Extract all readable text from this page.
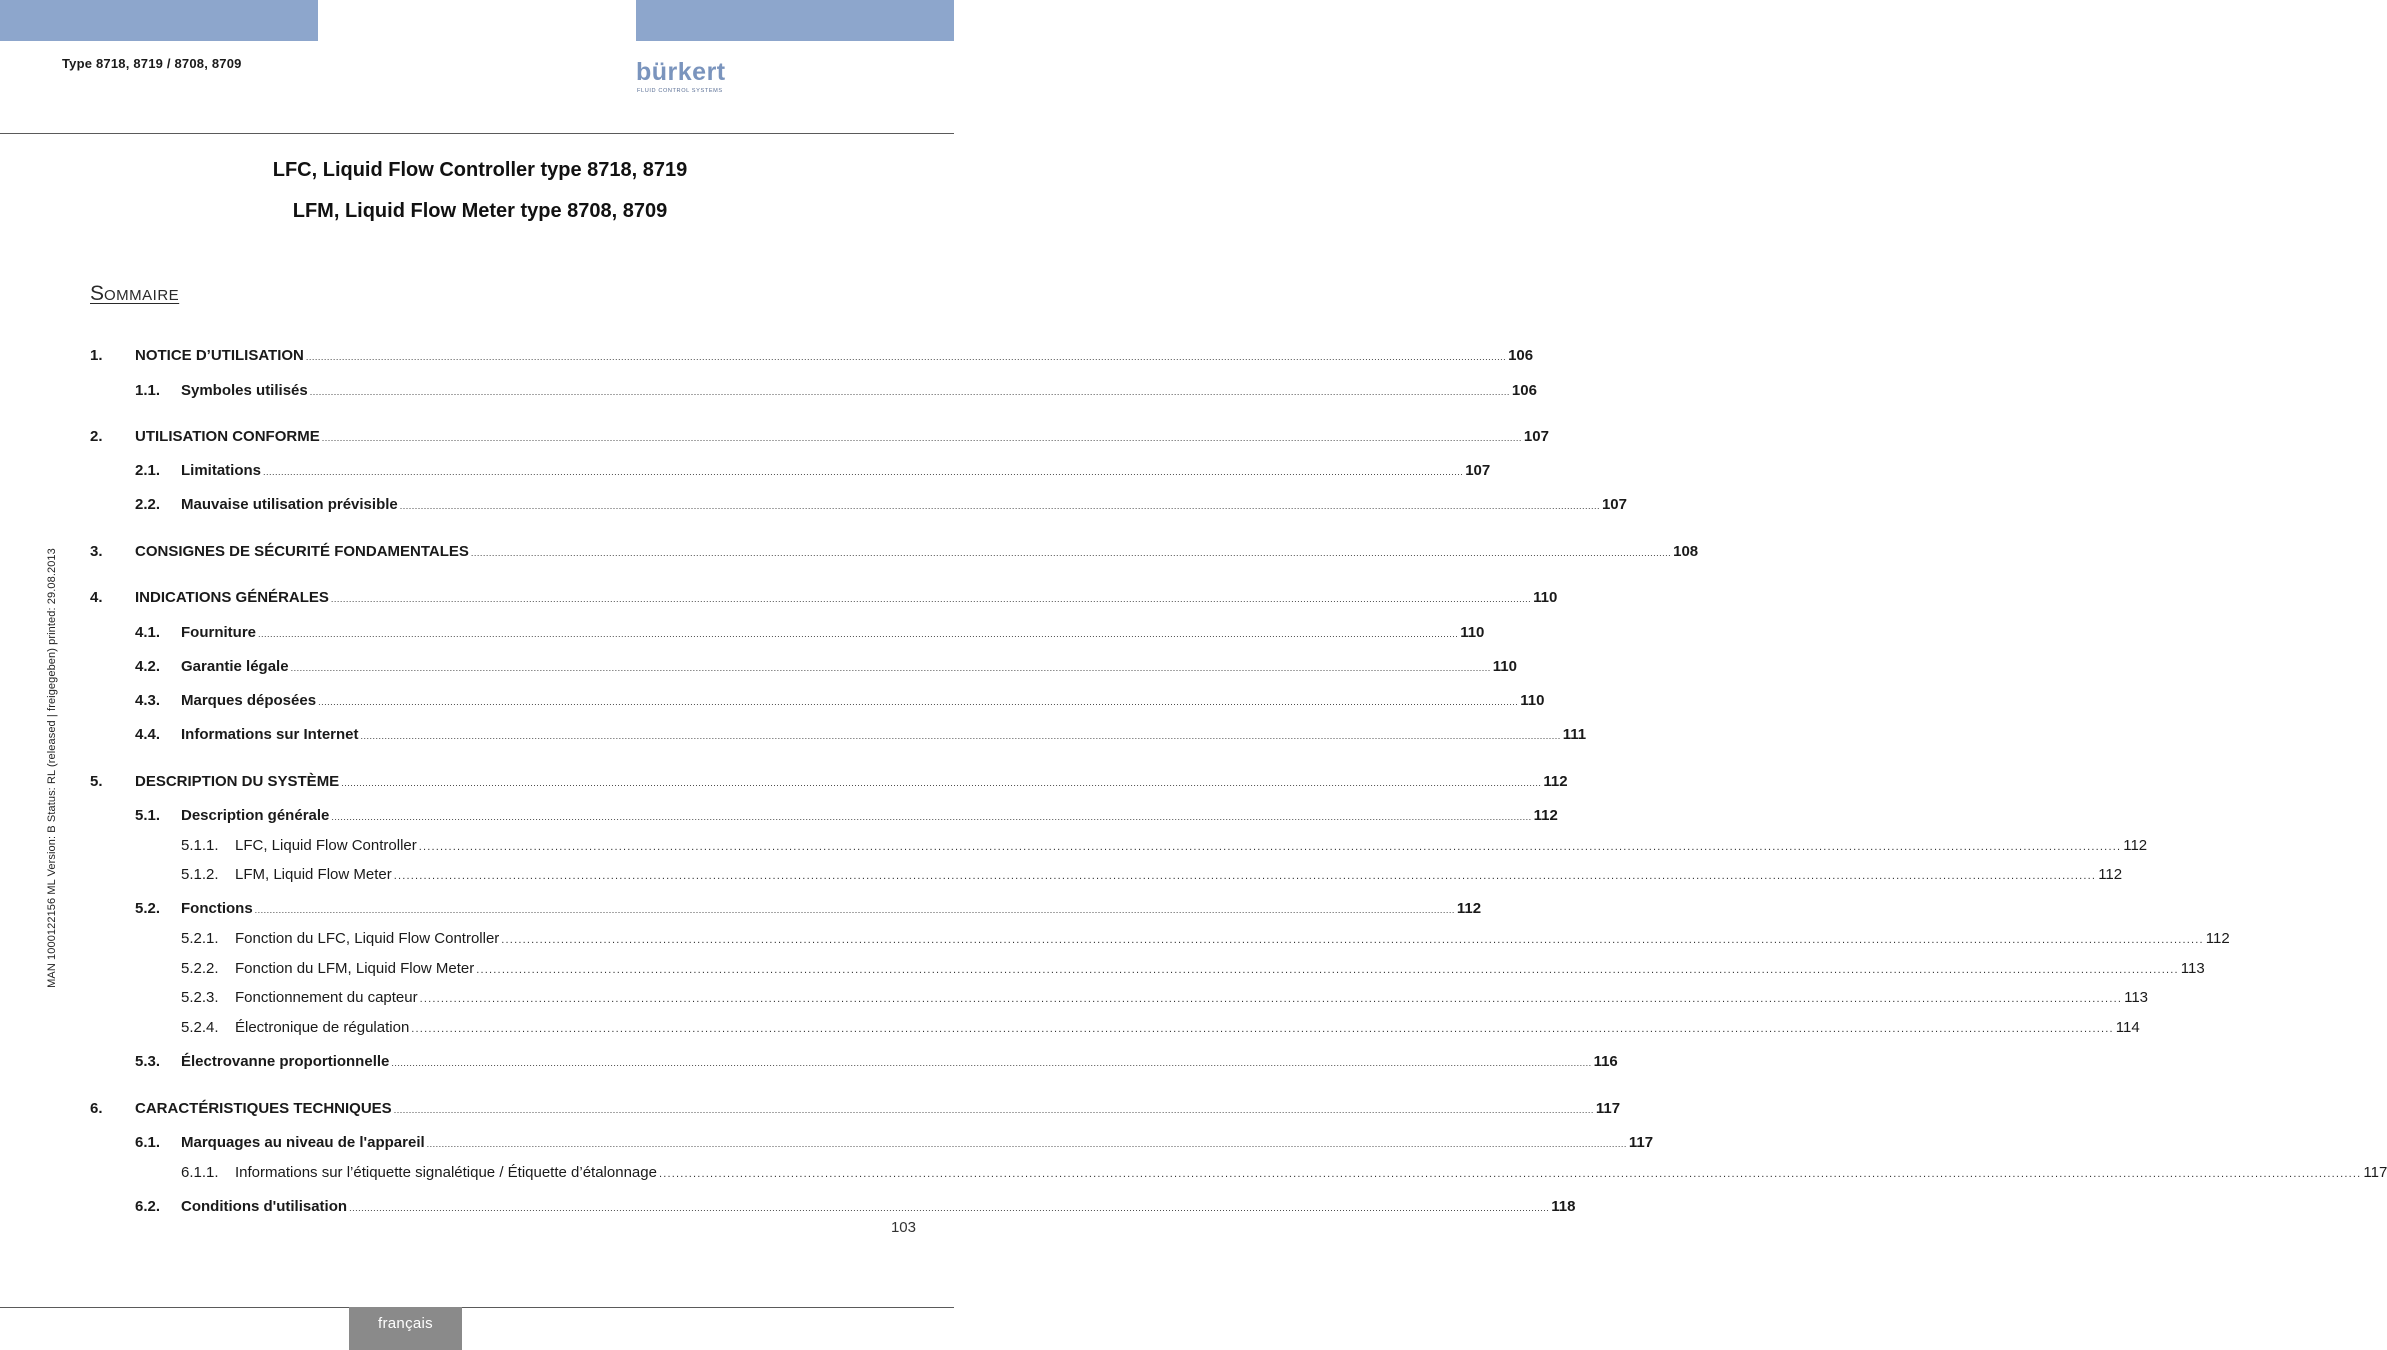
Type 8718, 8719 / 8708, 8709	bürkert
FLUID CONTROL SYSTEMS
LFC, Liquid Flow Controller type 8718, 8719
LFM, Liquid Flow Meter type 8708, 8709
SOMMAIRE
1.	NOTICE D’UTILISATION ................................................................................................................................................................................................................................................................................................................................................................................................................ 106
1.1.	Symboles utilisés ................................................................................................................................................................................................................................................................................................................................................................................................................ 106
2.	UTILISATION CONFORME ................................................................................................................................................................................................................................................................................................................................................................................................................ 107
2.1.	Limitations ................................................................................................................................................................................................................................................................................................................................................................................................................ 107
2.2.	Mauvaise utilisation prévisible ................................................................................................................................................................................................................................................................................................................................................................................................................ 107
3.	CONSIGNES DE SÉCURITÉ FONDAMENTALES ................................................................................................................................................................................................................................................................................................................................................................................................................ 108
4.	INDICATIONS GÉNÉRALES ................................................................................................................................................................................................................................................................................................................................................................................................................ 110
4.1.	Fourniture ................................................................................................................................................................................................................................................................................................................................................................................................................ 110
4.2.	Garantie légale ................................................................................................................................................................................................................................................................................................................................................................................................................ 110
4.3.	Marques déposées ................................................................................................................................................................................................................................................................................................................................................................................................................ 110
4.4.	Informations sur Internet ................................................................................................................................................................................................................................................................................................................................................................................................................ 111
5.	DESCRIPTION DU SYSTÈME ................................................................................................................................................................................................................................................................................................................................................................................................................ 112
5.1.	Description générale ................................................................................................................................................................................................................................................................................................................................................................................................................ 112
5.1.1.	LFC, Liquid Flow Controller ................................................................................................................................................................................................................................................................................................................................................................................................................ 112
5.1.2.	LFM, Liquid Flow Meter ................................................................................................................................................................................................................................................................................................................................................................................................................ 112
5.2.	Fonctions ................................................................................................................................................................................................................................................................................................................................................................................................................ 112
5.2.1.	Fonction du LFC, Liquid Flow Controller ................................................................................................................................................................................................................................................................................................................................................................................................................ 112
5.2.2.	Fonction du LFM, Liquid Flow Meter ................................................................................................................................................................................................................................................................................................................................................................................................................ 113
5.2.3.	Fonctionnement du capteur ................................................................................................................................................................................................................................................................................................................................................................................................................ 113
5.2.4.	Électronique de régulation ................................................................................................................................................................................................................................................................................................................................................................................................................ 114
5.3.	Électrovanne proportionnelle ................................................................................................................................................................................................................................................................................................................................................................................................................ 116
6.	CARACTÉRISTIQUES TECHNIQUES ................................................................................................................................................................................................................................................................................................................................................................................................................ 117
6.1.	Marquages au niveau de l'appareil ................................................................................................................................................................................................................................................................................................................................................................................................................ 117
6.1.1.	Informations sur l’étiquette signalétique / Étiquette d’étalonnage ................................................................................................................................................................................................................................................................................................................................................................................................................ 117
6.2.	Conditions d'utilisation ................................................................................................................................................................................................................................................................................................................................................................................................................ 118
103
MAN 1000122156 ML Version: B Status: RL (released | freigegeben) printed: 29.08.2013
français
